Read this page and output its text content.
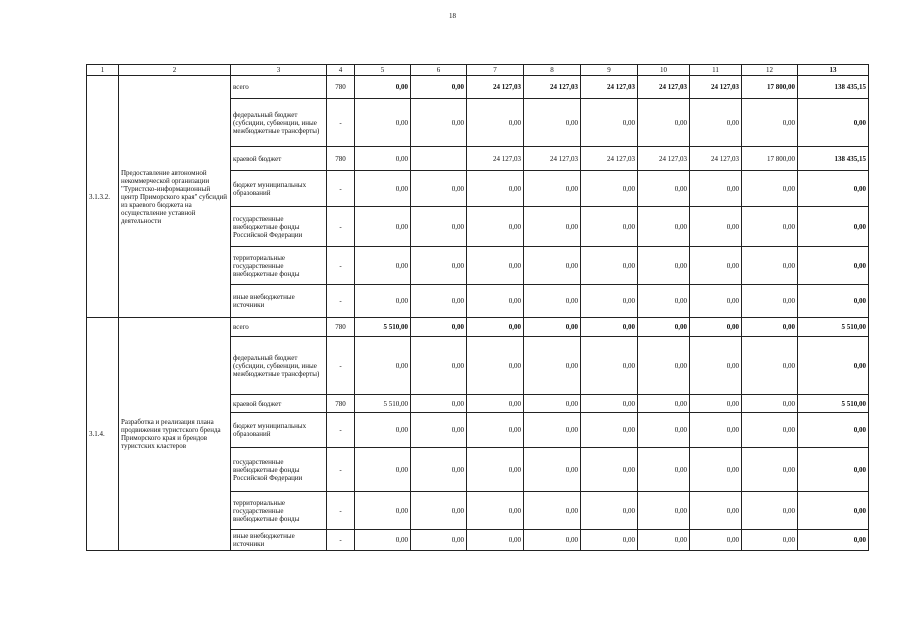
18
1	2	3	4	5	6	7	8	9	10	11	12	13
3.1.3.2.	Предоставление автономной некоммерческой организации "Туристско-информационный центр Приморского края" субсидий из краевого бюджета на осуществление уставной деятельности	всего	780	0,00	0,00	24 127,03	24 127,03	24 127,03	24 127,03	24 127,03	17 800,00	138 435,15
		федеральный бюджет (субсидии, субвенции, иные межбюджетные трансферты)	-	0,00	0,00	0,00	0,00	0,00	0,00	0,00	0,00	0,00
		краевой бюджет	780	0,00		24 127,03	24 127,03	24 127,03	24 127,03	24 127,03	17 800,00	138 435,15
		бюджет муниципальных образований	-	0,00	0,00	0,00	0,00	0,00	0,00	0,00	0,00	0,00
		государственные внебюджетные фонды Российской Федерации	-	0,00	0,00	0,00	0,00	0,00	0,00	0,00	0,00	0,00
		территориальные государственные внебюджетные фонды	-	0,00	0,00	0,00	0,00	0,00	0,00	0,00	0,00	0,00
		иные внебюджетные источники	-	0,00	0,00	0,00	0,00	0,00	0,00	0,00	0,00	0,00
3.1.4.	Разработка и реализация плана продвижения туристского бренда Приморского края и брендов туристских кластеров	всего	780	5 510,00	0,00	0,00	0,00	0,00	0,00	0,00	0,00	5 510,00
		федеральный бюджет (субсидии, субвенции, иные межбюджетные трансферты)	-	0,00	0,00	0,00	0,00	0,00	0,00	0,00	0,00	0,00
		краевой бюджет	780	5 510,00	0,00	0,00	0,00	0,00	0,00	0,00	0,00	5 510,00
		бюджет муниципальных образований	-	0,00	0,00	0,00	0,00	0,00	0,00	0,00	0,00	0,00
		государственные внебюджетные фонды Российской Федерации	-	0,00	0,00	0,00	0,00	0,00	0,00	0,00	0,00	0,00
		территориальные государственные внебюджетные фонды	-	0,00	0,00	0,00	0,00	0,00	0,00	0,00	0,00	0,00
		иные внебюджетные источники	-	0,00	0,00	0,00	0,00	0,00	0,00	0,00	0,00	0,00
